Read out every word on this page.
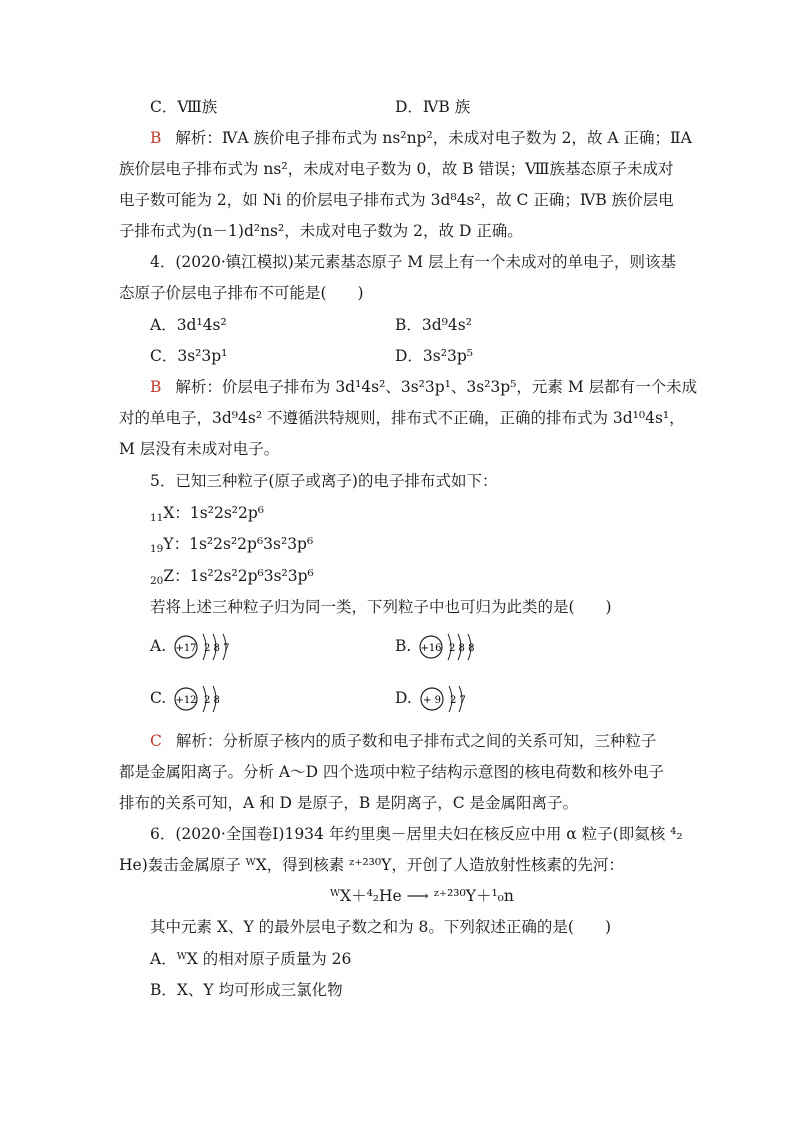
C．Ⅷ族	D．ⅣB 族
B 解析：ⅣA 族价电子排布式为 ns²np²，未成对电子数为 2，故 A 正确；ⅡA
族价层电子排布式为 ns²，未成对电子数为 0，故 B 错误；Ⅷ族基态原子未成对
电子数可能为 2，如 Ni 的价层电子排布式为 3d⁸4s²，故 C 正确；ⅣB 族价层电
子排布式为(n－1)d²ns²，未成对电子数为 2，故 D 正确。
4．(2020·镇江模拟)某元素基态原子 M 层上有一个未成对的单电子，则该基
态原子价层电子排布不可能是(　　)
A．3d¹4s²	B．3d⁹4s²
C．3s²3p¹	D．3s²3p⁵
B 解析：价层电子排布为 3d¹4s²、3s²3p¹、3s²3p⁵，元素 M 层都有一个未成
对的单电子，3d⁹4s² 不遵循洪特规则，排布式不正确，正确的排布式为 3d¹⁰4s¹，
M 层没有未成对电子。
5．已知三种粒子(原子或离子)的电子排布式如下：
$_{11}$X：1s²2s²2p⁶
$_{19}$Y：1s²2s²2p⁶3s²3p⁶
$_{20}$Z：1s²2s²2p⁶3s²3p⁶
若将上述三种粒子归为同一类，下列粒子中也可归为此类的是(　　)
A. +17 2 8 7	B. +16 2 8 8
C. +12 2 8	D. + 9 2 7
C 解析：分析原子核内的质子数和电子排布式之间的关系可知，三种粒子
都是金属阳离子。分析 A～D 四个选项中粒子结构示意图的核电荷数和核外电子
排布的关系可知，A 和 D 是原子，B 是阴离子，C 是金属阳离子。
6．(2020·全国卷Ⅰ)1934 年约里奥－居里夫妇在核反应中用 α 粒子(即氦核 ⁴₂
He)轰击金属原子 ᵂX，得到核素 ᶻ⁺²³⁰Y，开创了人造放射性核素的先河：
ᵂX＋⁴₂He ⟶ ᶻ⁺²³⁰Y＋¹₀n
其中元素 X、Y 的最外层电子数之和为 8。下列叙述正确的是(　　)
A．ᵂX 的相对原子质量为 26
B．X、Y 均可形成三氯化物
